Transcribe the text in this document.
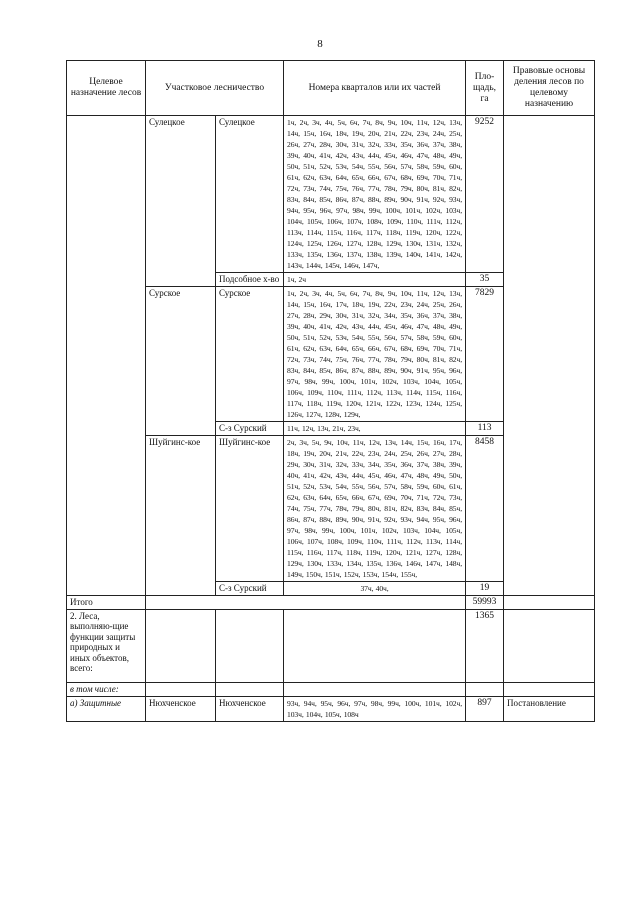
8
Целевое назначение лесов	Участковое лесничество		Номера кварталов или их частей	Пло-щадь, га	Правовые основы деления лесов по целевому назначению
	Сулецкое	Сулецкое	1ч, 2ч, 3ч, 4ч, 5ч, 6ч, 7ч, 8ч, 9ч, 10ч, 11ч, 12ч, 13ч, 14ч, 15ч, 16ч, 18ч, 19ч, 20ч, 21ч, 22ч, 23ч, 24ч, 25ч, 26ч, 27ч, 28ч, 30ч, 31ч, 32ч, 33ч, 35ч, 36ч, 37ч, 38ч, 39ч, 40ч, 41ч, 42ч, 43ч, 44ч, 45ч, 46ч, 47ч, 48ч, 49ч, 50ч, 51ч, 52ч, 53ч, 54ч, 55ч, 56ч, 57ч, 58ч, 59ч, 60ч, 61ч, 62ч, 63ч, 64ч, 65ч, 66ч, 67ч, 68ч, 69ч, 70ч, 71ч, 72ч, 73ч, 74ч, 75ч, 76ч, 77ч, 78ч, 79ч, 80ч, 81ч, 82ч, 83ч, 84ч, 85ч, 86ч, 87ч, 88ч, 89ч, 90ч, 91ч, 92ч, 93ч, 94ч, 95ч, 96ч, 97ч, 98ч, 99ч, 100ч, 101ч, 102ч, 103ч, 104ч, 105ч, 106ч, 107ч, 108ч, 109ч, 110ч, 111ч, 112ч, 113ч, 114ч, 115ч, 116ч, 117ч, 118ч, 119ч, 120ч, 122ч, 124ч, 125ч, 126ч, 127ч, 128ч, 129ч, 130ч, 131ч, 132ч, 133ч, 135ч, 136ч, 137ч, 138ч, 139ч, 140ч, 141ч, 142ч, 143ч, 144ч, 145ч, 146ч, 147ч,	9252	
		Подсобное х-во	1ч, 2ч	35	
	Сурское	Сурское	1ч, 2ч, 3ч, 4ч, 5ч, 6ч, 7ч, 8ч, 9ч, 10ч, 11ч, 12ч, 13ч, 14ч, 15ч, 16ч, 17ч, 18ч, 19ч, 22ч, 23ч, 24ч, 25ч, 26ч, 27ч, 28ч, 29ч, 30ч, 31ч, 32ч, 34ч, 35ч, 36ч, 37ч, 38ч, 39ч, 40ч, 41ч, 42ч, 43ч, 44ч, 45ч, 46ч, 47ч, 48ч, 49ч, 50ч, 51ч, 52ч, 53ч, 54ч, 55ч, 56ч, 57ч, 58ч, 59ч, 60ч, 61ч, 62ч, 63ч, 64ч, 65ч, 66ч, 67ч, 68ч, 69ч, 70ч, 71ч, 72ч, 73ч, 74ч, 75ч, 76ч, 77ч, 78ч, 79ч, 80ч, 81ч, 82ч, 83ч, 84ч, 85ч, 86ч, 87ч, 88ч, 89ч, 90ч, 91ч, 95ч, 96ч, 97ч, 98ч, 99ч, 100ч, 101ч, 102ч, 103ч, 104ч, 105ч, 106ч, 109ч, 110ч, 111ч, 112ч, 113ч, 114ч, 115ч, 116ч, 117ч, 118ч, 119ч, 120ч, 121ч, 122ч, 123ч, 124ч, 125ч, 126ч, 127ч, 128ч, 129ч,	7829	
		С-з Сурский	11ч, 12ч, 13ч, 21ч, 23ч,	113	
	Шуйгинс-кое	Шуйгинс-кое	2ч, 3ч, 5ч, 9ч, 10ч, 11ч, 12ч, 13ч, 14ч, 15ч, 16ч, 17ч, 18ч, 19ч, 20ч, 21ч, 22ч, 23ч, 24ч, 25ч, 26ч, 27ч, 28ч, 29ч, 30ч, 31ч, 32ч, 33ч, 34ч, 35ч, 36ч, 37ч, 38ч, 39ч, 40ч, 41ч, 42ч, 43ч, 44ч, 45ч, 46ч, 47ч, 48ч, 49ч, 50ч, 51ч, 52ч, 53ч, 54ч, 55ч, 56ч, 57ч, 58ч, 59ч, 60ч, 61ч, 62ч, 63ч, 64ч, 65ч, 66ч, 67ч, 69ч, 70ч, 71ч, 72ч, 73ч, 74ч, 75ч, 77ч, 78ч, 79ч, 80ч, 81ч, 82ч, 83ч, 84ч, 85ч, 86ч, 87ч, 88ч, 89ч, 90ч, 91ч, 92ч, 93ч, 94ч, 95ч, 96ч, 97ч, 98ч, 99ч, 100ч, 101ч, 102ч, 103ч, 104ч, 105ч, 106ч, 107ч, 108ч, 109ч, 110ч, 111ч, 112ч, 113ч, 114ч, 115ч, 116ч, 117ч, 118ч, 119ч, 120ч, 121ч, 127ч, 128ч, 129ч, 130ч, 133ч, 134ч, 135ч, 136ч, 146ч, 147ч, 148ч, 149ч, 150ч, 151ч, 152ч, 153ч, 154ч, 155ч,	8458	
		С-з Сурский	37ч, 40ч,	19	
Итого				59993	
2. Леса, выполняю-щие функции защиты природных и иных объектов, всего:				1365	
в том числе:					
а) Защитные	Нюхченское	Нюхченское	93ч, 94ч, 95ч, 96ч, 97ч, 98ч, 99ч, 100ч, 101ч, 102ч, 103ч, 104ч, 105ч, 108ч	897	Постановление
